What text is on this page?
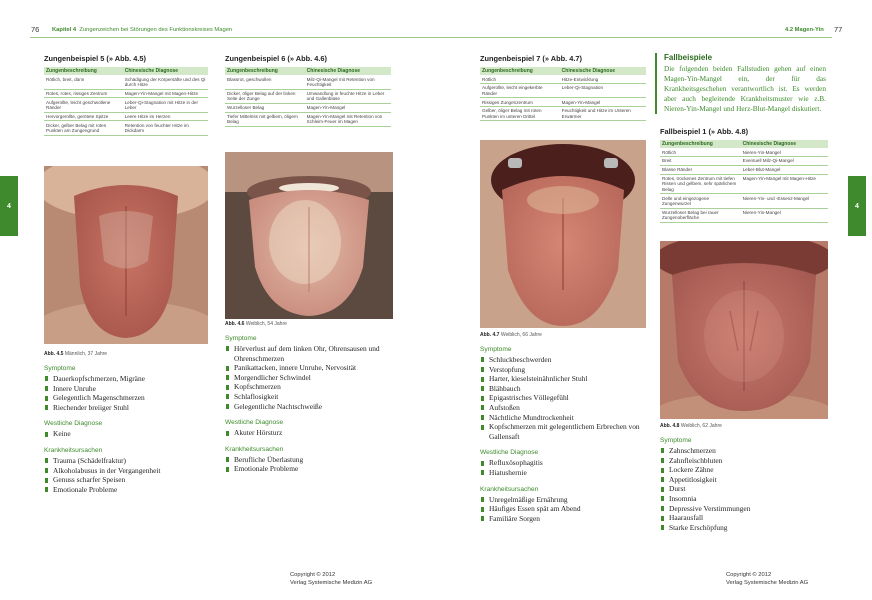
76 Kapitel 4 Zungenzeichen bei Störungen des Funktionskreises Magen
4
Zungenbeispiel 5 (» Abb. 4.5)
Zungenbeschreibung	Chinesische Diagnose
Rötlich, breit, dünn	Schädigung der Körpersäfte und des Qi durch Hitze
Rotes, rotes, rissiges Zentrum	Magen-Yin-Mangel mit Magen-Hitze
Aufgerollte, leicht geschwollene Ränder	Leber-Qi-Stagnation mit Hitze in der Leber
Hervorgerollte, gerötete Spitze	Leere Hitze im Herzen
Dicker, gelber Belag mit roten Punkten am Zungengrund	Retention von feuchter Hitze im Dickdarm
Abb. 4.5 Männlich, 37 Jahre
Symptome
Dauerkopfschmerzen, Migräne
Innere Unruhe
Gelegentlich Magenschmerzen
Riechender breiiger Stuhl
Westliche Diagnose
Keine
Krankheitsursachen
Trauma (Schädelfraktur)
Alkoholabusus in der Vergangenheit
Genuss scharfer Speisen
Emotionale Probleme
Zungenbeispiel 6 (» Abb. 4.6)
Zungenbeschreibung	Chinesische Diagnose
Blassrot, geschwollen	Milz-Qi-Mangel mit Retention von Feuchtigkeit
Dicker, öliger Belag auf der linken Seite der Zunge	Umwandlung in feuchte Hitze in Leber und Gallenblase
Wurzelloser Belag	Magen-Yin-Mangel
Tiefer Mittelriss mit gelbem, öligem Belag	Magen-Yin-Mangel mit Retention von Schleim-Feuer im Magen
Abb. 4.6 Weiblich, 54 Jahre
Symptome
Hörverlust auf dem linken Ohr, Ohrensausen und Ohrenschmerzen
Panikattacken, innere Unruhe, Nervosität
Morgendlicher Schwindel
Kopfschmerzen
Schlaflosigkeit
Gelegentliche Nachtschweiße
Westliche Diagnose
Akuter Hörsturz
Krankheitsursachen
Berufliche Überlastung
Emotionale Probleme
Copyright © 2012
Verlag Systemische Medizin AG
4.2 Magen-Yin 77
4
Zungenbeispiel 7 (» Abb. 4.7)
Zungenbeschreibung	Chinesische Diagnose
Rötlich	Hitze-Entwicklung
Aufgerollte, leicht eingekerbte Ränder	Leber-Qi-Stagnation
Rissiges Zungenzentrum	Magen-Yin-Mangel
Gelber, öliger Belag mit roten Punkten im unteren Drittel	Feuchtigkeit und Hitze im Unteren Erwärmer
Abb. 4.7 Weiblich, 66 Jahre
Symptome
Schluckbeschwerden
Verstopfung
Harter, kieselsteinähnlicher Stuhl
Blähbauch
Epigastrisches Völlegefühl
Aufstoßen
Nächtliche Mundtrockenheit
Kopfschmerzen mit gelegentlichem Erbrechen von Gallensaft
Westliche Diagnose
Refluxösophagitis
Hiatushernie
Krankheitsursachen
Unregelmäßige Ernährung
Häufiges Essen spät am Abend
Familiäre Sorgen
Fallbeispiele
Die folgenden beiden Fallstudien gehen auf einen Magen-Yin-Mangel ein, der für das Krankheitsgeschehen verantwortlich ist. Es werden aber auch begleitende Krankheitsmuster wie z.B. Nieren-Yin-Mangel und Herz-Blut-Mangel diskutiert.
Fallbeispiel 1 (» Abb. 4.8)
Zungenbeschreibung	Chinesische Diagnose
Rötlich	Nieren-Yin-Mangel
Breit	Eventuell Milz-Qi-Mangel
Blasse Ränder	Leber-Blut-Mangel
Rotes, trockenes Zentrum mit tiefen Rissen und gelbem, sehr spärlichem Belag	Magen-Yin-Mangel mit Magen-Hitze
Delle und eingezogene Zungenwurzel	Nieren-Yin- und -Essenz-Mangel
Wurzelloser Belag bei rauer Zungenoberfläche	Nieren-Yin-Mangel
Abb. 4.8 Weiblich, 62 Jahre
Symptome
Zahnschmerzen
Zahnfleischbluten
Lockere Zähne
Appetitlosigkeit
Durst
Insomnia
Depressive Verstimmungen
Haarausfall
Starke Erschöpfung
Copyright © 2012
Verlag Systemische Medizin AG
